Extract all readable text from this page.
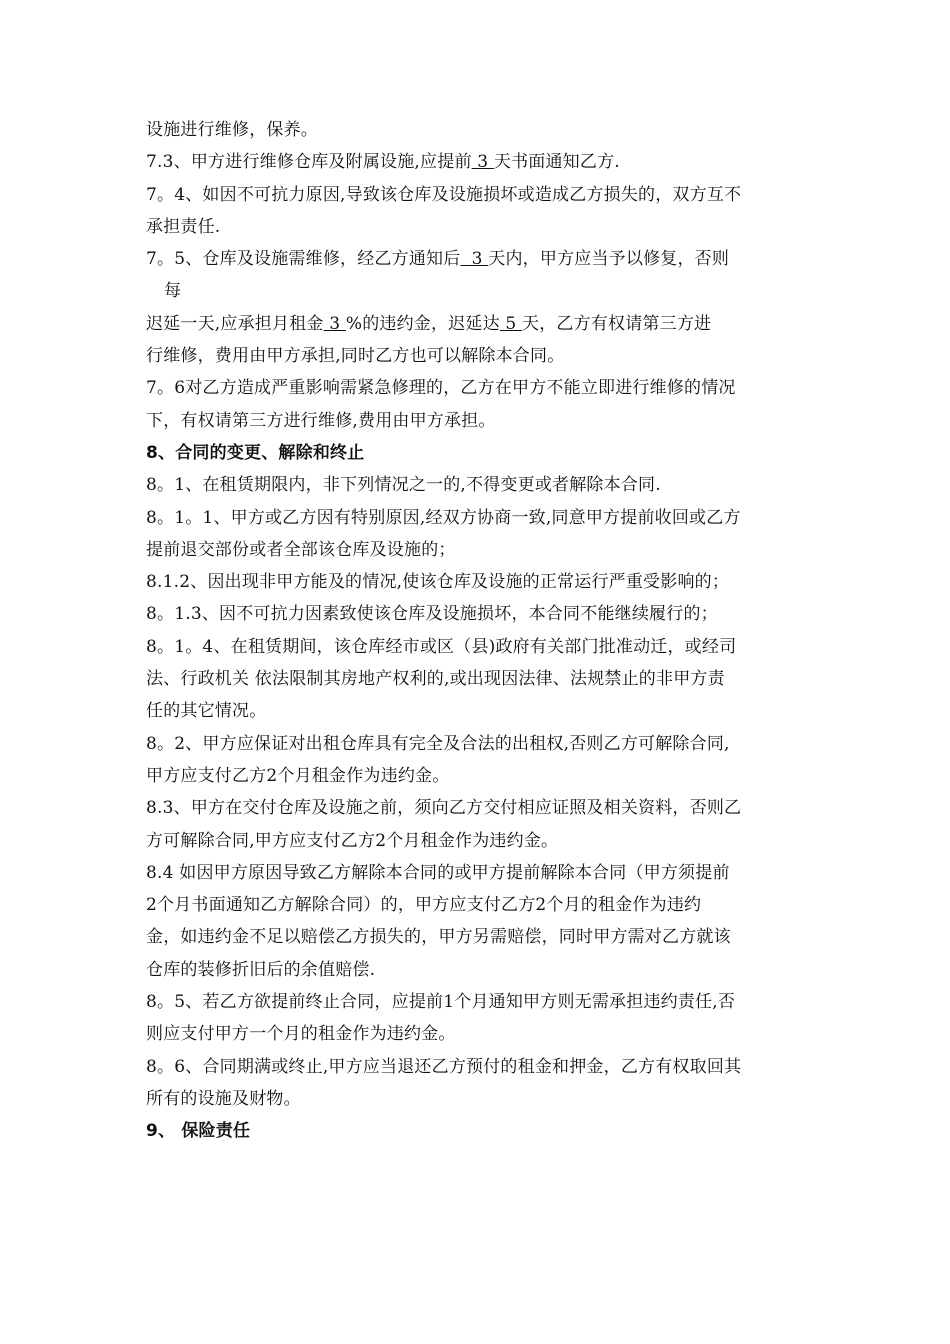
设施进行维修，保养。
7.3、甲方进行维修仓库及附属设施,应提前 3 天书面通知乙方.
7。4、如因不可抗力原因,导致该仓库及设施损坏或造成乙方损失的，双方互不
承担责任.
7。5、仓库及设施需维修，经乙方通知后  3 天内，甲方应当予以修复，否则
每
迟延一天,应承担月租金 3 %的违约金，迟延达 5 天，乙方有权请第三方进
行维修，费用由甲方承担,同时乙方也可以解除本合同。
7。6对乙方造成严重影响需紧急修理的，乙方在甲方不能立即进行维修的情况
下，有权请第三方进行维修,费用由甲方承担。
8、合同的变更、解除和终止
8。1、在租赁期限内，非下列情况之一的,不得变更或者解除本合同.
8。1。1、甲方或乙方因有特别原因,经双方协商一致,同意甲方提前收回或乙方
提前退交部份或者全部该仓库及设施的；
8.1.2、因出现非甲方能及的情况,使该仓库及设施的正常运行严重受影响的；
8。1.3、因不可抗力因素致使该仓库及设施损坏，本合同不能继续履行的；
8。1。4、在租赁期间，该仓库经市或区（县)政府有关部门批准动迁，或经司
法、行政机关 依法限制其房地产权利的,或出现因法律、法规禁止的非甲方责
任的其它情况。
8。2、甲方应保证对出租仓库具有完全及合法的出租权,否则乙方可解除合同,
甲方应支付乙方2个月租金作为违约金。
8.3、甲方在交付仓库及设施之前，须向乙方交付相应证照及相关资料，否则乙
方可解除合同,甲方应支付乙方2个月租金作为违约金。
8.4 如因甲方原因导致乙方解除本合同的或甲方提前解除本合同（甲方须提前
2个月书面通知乙方解除合同）的，甲方应支付乙方2个月的租金作为违约
金，如违约金不足以赔偿乙方损失的，甲方另需赔偿，同时甲方需对乙方就该
仓库的装修折旧后的余值赔偿.
8。5、若乙方欲提前终止合同，应提前1个月通知甲方则无需承担违约责任,否
则应支付甲方一个月的租金作为违约金。
8。6、合同期满或终止,甲方应当退还乙方预付的租金和押金，乙方有权取回其
所有的设施及财物。
9、 保险责任
